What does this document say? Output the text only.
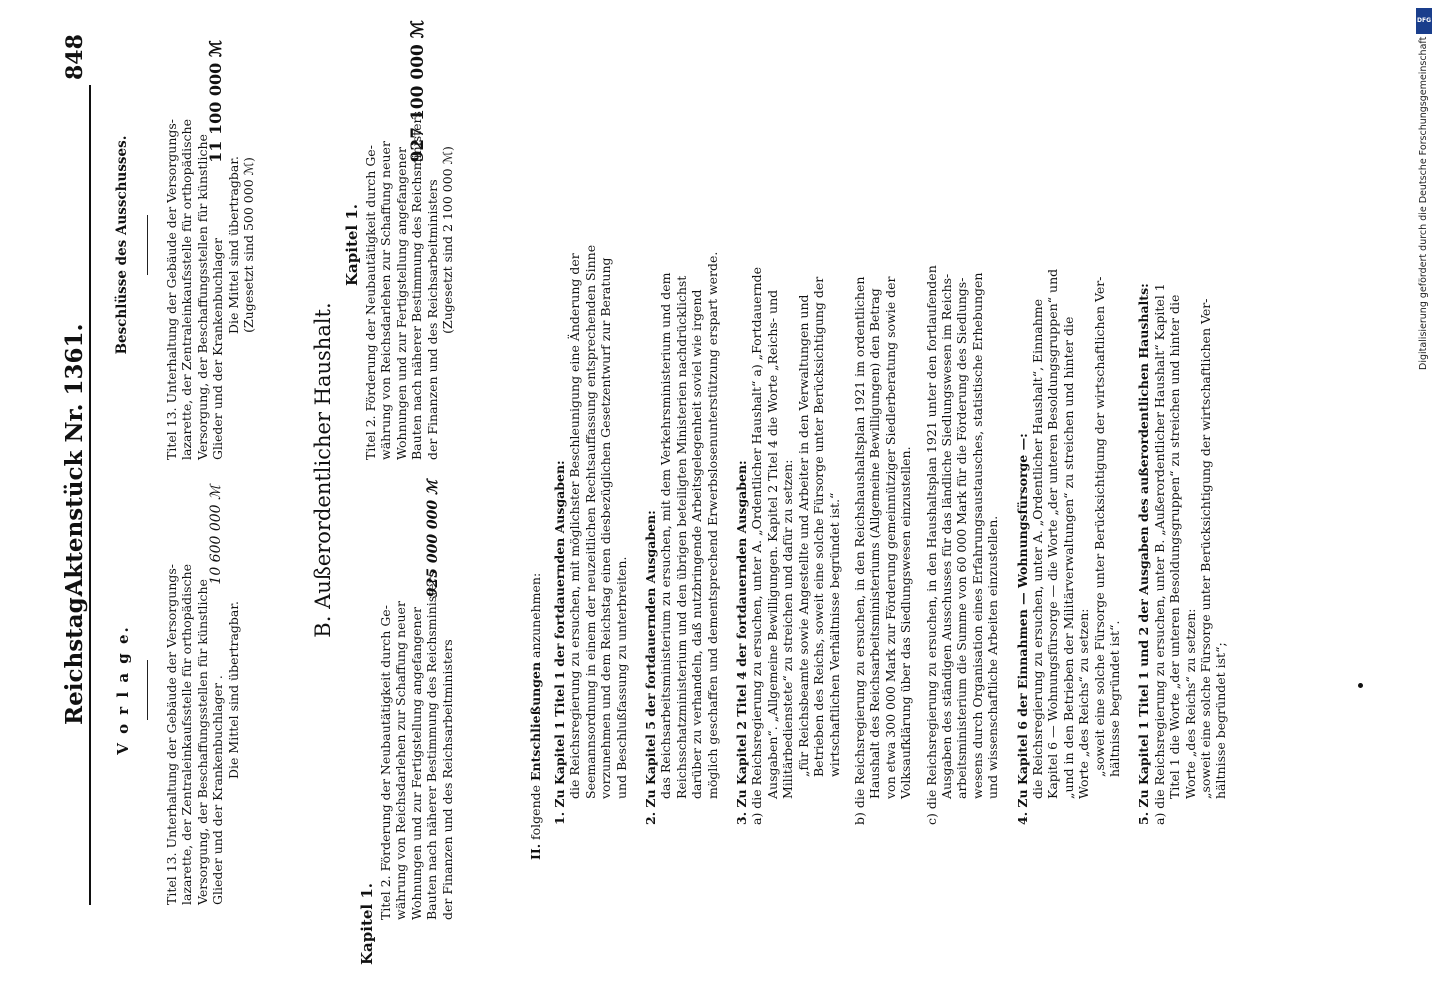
Reichstag.
Aktenstück Nr. 1361.
848
V o r l a g e.	Titel 13. Unterhaltung der Gebäude der Versorgungs- lazarette, der Zentraleinkaufsstelle für orthopädische Versorgung, der Beschaffungsstellen für künstliche Glieder und der Krankenbuchlager .
10 600 000 ℳ
Die Mittel sind übertragbar.
Beschlüsse des Ausschusses.	Titel 13. Unterhaltung der Gebäude der Versorgungs- lazarette, der Zentraleinkaufsstelle für orthopädische Versorgung, der Beschaffungsstellen für künstliche Glieder und der Krankenbuchlager
11 100 000 ℳ
Die Mittel sind übertragbar. (Zugesetzt sind 500 000 ℳ)
B. Außerordentlicher Haushalt.
Kapitel 1.
Titel 2. Förderung der Neubautätigkeit durch Ge- währung von Reichsdarlehen zur Schaffung neuer Wohnungen und zur Fertigstellung angefangener Bauten nach näherer Bestimmung des Reichsministers der Finanzen und des Reichsarbeitministers
925 000 000 ℳ
Kapitel 1. Titel 2. Förderung der Neubautätigkeit durch Ge- währung von Reichsdarlehen zur Schaffung neuer Wohnungen und zur Fertigstellung angefangener Bauten nach näherer Bestimmung des Reichsministers der Finanzen und des Reichsarbeitministers
927 100 000 ℳ
(Zugesetzt sind 2 100 000 ℳ)
II. folgende Entschließungen anzunehmen: 1. Zu Kapitel 1 Titel 1 der fortdauernden Ausgaben: die Reichsregierung zu ersuchen, mit möglichster Beschleunigung eine Änderung der Seemannsordnung in einem der neuzeitlichen Rechtsauffassung entsprechenden Sinne vorzunehmen und dem Reichstag einen diesbezüglichen Gesetzentwurf zur Beratung und Beschlußfassung zu unterbreiten. 2. Zu Kapitel 5 der fortdauernden Ausgaben: das Reichsarbeitsministerium zu ersuchen, mit dem Verkehrsministerium und dem Reichsschatzministerium und den übrigen beteiligten Ministerien nachdrücklichst darüber zu verhandeln, daß nutzbringende Arbeitsgelegenheit soviel wie irgend möglich geschaffen und dementsprechend Erwerbslosenunterstützung erspart werde. 3. Zu Kapitel 2 Titel 4 der fortdauernden Ausgaben: a) die Reichsregierung zu ersuchen, unter A. „Ordentlicher Haushalt“ a) „Fortdauernde Ausgaben“. „Allgemeine Bewilligungen. Kapitel 2 Titel 4 die Worte „Reichs- und Militärbedienstete“ zu streichen und dafür zu setzen: „für Reichsbeamte sowie Angestellte und Arbeiter in den Verwaltungen und Betrieben des Reichs, soweit eine solche Fürsorge unter Berücksichtigung der wirtschaftlichen Verhältnisse begründet ist.“ b) die Reichsregierung zu ersuchen, in den Reichshaushaltsplan 1921 im ordentlichen Haushalt des Reichsarbeitsministeriums (Allgemeine Bewilligungen) den Betrag von etwa 300 000 Mark zur Förderung gemeinnütziger Siedlerberatung sowie der Volksaufklärung über das Siedlungswesen einzustellen. c) die Reichsregierung zu ersuchen, in den Haushaltsplan 1921 unter den fortlaufenden Ausgaben des ständigen Ausschusses für das ländliche Siedlungswesen im Reichs- arbeitsministerium die Summe von 60 000 Mark für die Förderung des Siedlungs- wesens durch Organisation eines Erfahrungsaustausches, statistische Erhebungen und wissenschaftliche Arbeiten einzustellen. 4. Zu Kapitel 6 der Einnahmen — Wohnungsfürsorge —: die Reichsregierung zu ersuchen, unter A. „Ordentlicher Haushalt“, Einnahme Kapitel 6 — Wohnungsfürsorge — die Worte „der unteren Besoldungsgruppen“ und „und in den Betrieben der Militärverwaltungen“ zu streichen und hinter die Worte „des Reichs“ zu setzen: „soweit eine solche Fürsorge unter Berücksichtigung der wirtschaftlichen Ver- hältnisse begründet ist“. 5. Zu Kapitel 1 Titel 1 und 2 der Ausgaben des außerordentlichen Haushalts: a) die Reichsregierung zu ersuchen, unter B. „Außerordentlicher Haushalt“ Kapitel 1 Titel 1 die Worte „der unteren Besoldungsgruppen“ zu streichen und hinter die Worte „des Reichs“ zu setzen: „soweit eine solche Fürsorge unter Berücksichtigung der wirtschaftlichen Ver- hältnisse begründet ist“;
DFG
Digitalisierung gefördert durch die Deutsche Forschungsgemeinschaft
